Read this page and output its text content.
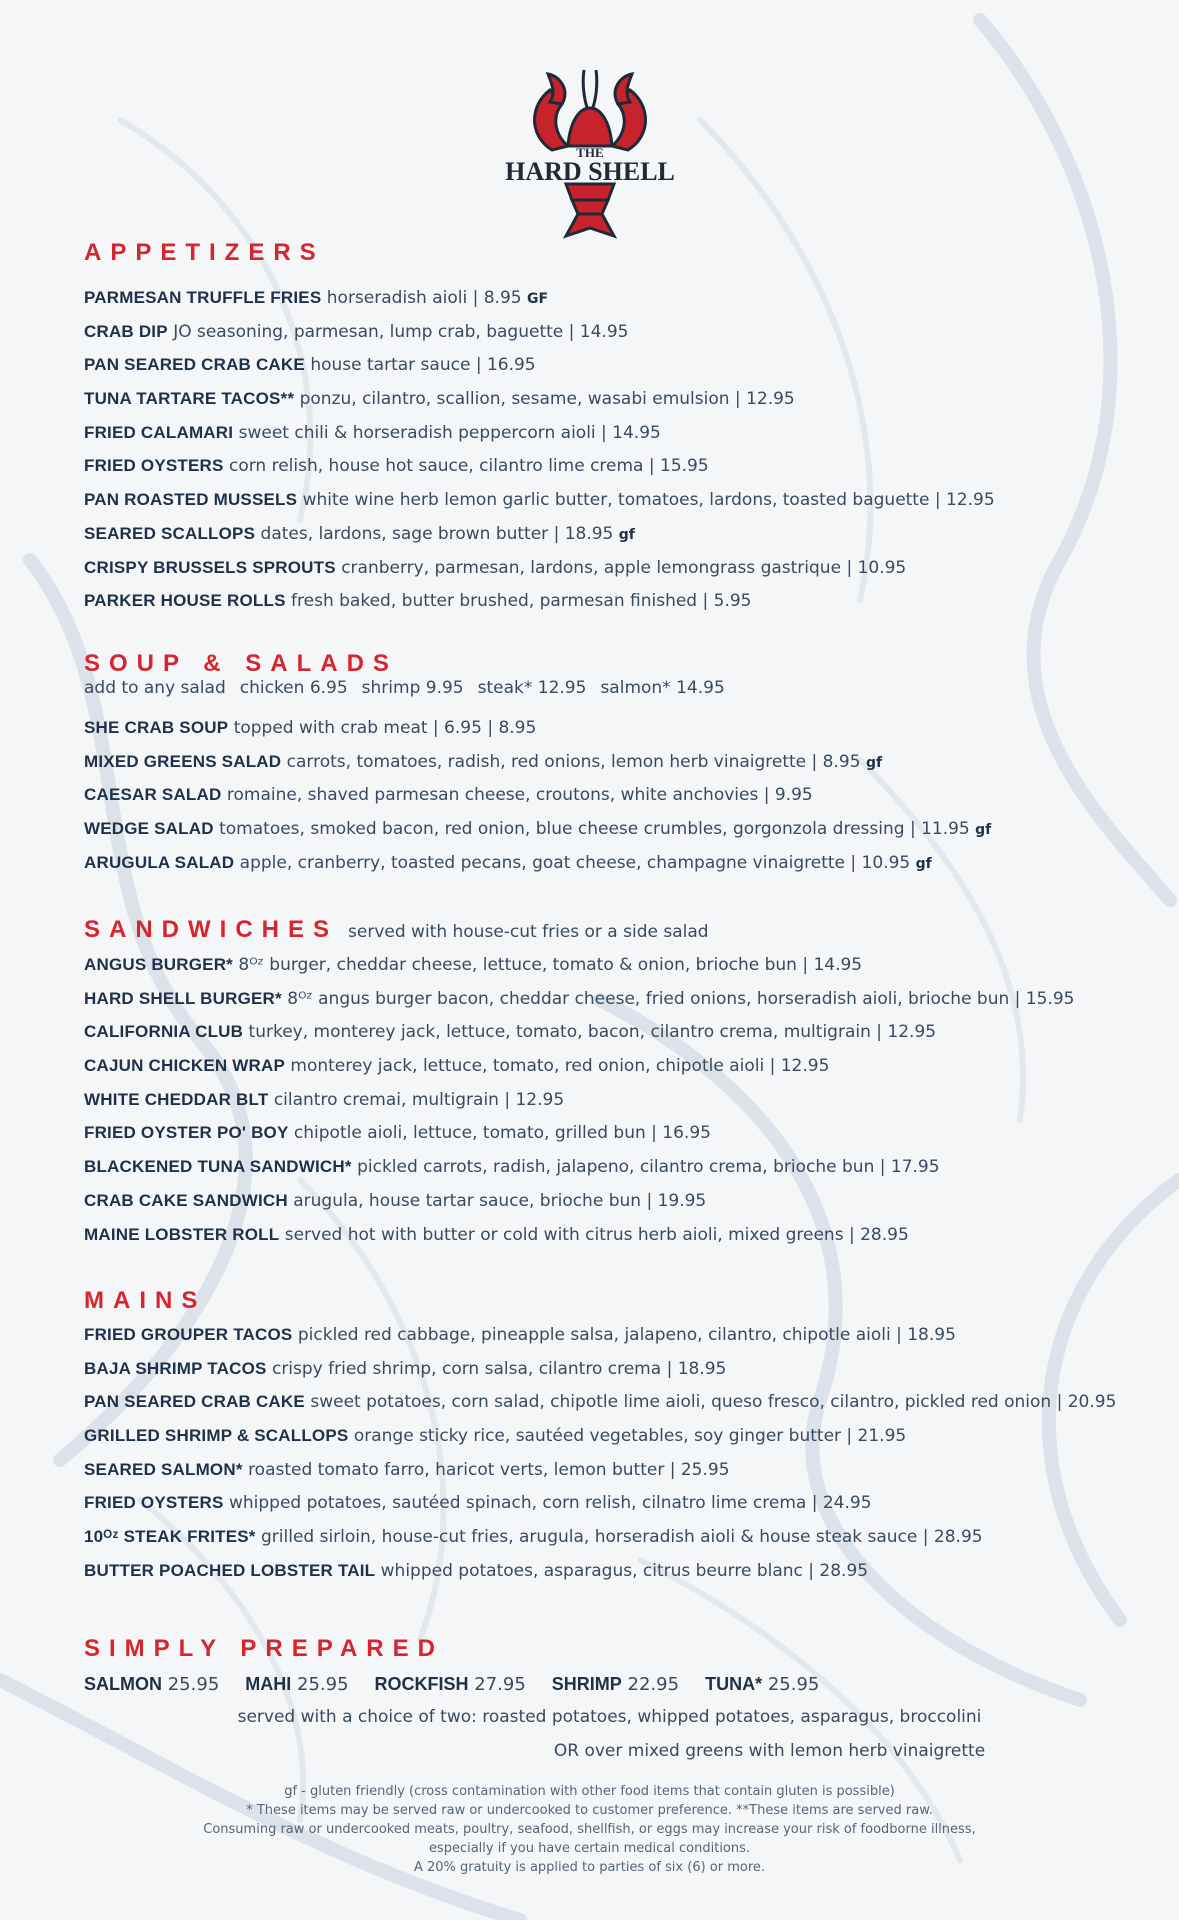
THE
HARD SHELL
APPETIZERS
PARMESAN TRUFFLE FRIES horseradish aioli | 8.95 GF
CRAB DIP JO seasoning, parmesan, lump crab, baguette | 14.95
PAN SEARED CRAB CAKE house tartar sauce | 16.95
TUNA TARTARE TACOS** ponzu, cilantro, scallion, sesame, wasabi emulsion | 12.95
FRIED CALAMARI sweet chili & horseradish peppercorn aioli | 14.95
FRIED OYSTERS corn relish, house hot sauce, cilantro lime crema | 15.95
PAN ROASTED MUSSELS white wine herb lemon garlic butter, tomatoes, lardons, toasted baguette | 12.95
SEARED SCALLOPS dates, lardons, sage brown butter | 18.95 gf
CRISPY BRUSSELS SPROUTS cranberry, parmesan, lardons, apple lemongrass gastrique | 10.95
PARKER HOUSE ROLLS fresh baked, butter brushed, parmesan finished | 5.95
SOUP & SALADS
add to any salad chicken 6.95 shrimp 9.95 steak* 12.95 salmon* 14.95
SHE CRAB SOUP topped with crab meat | 6.95 | 8.95
MIXED GREENS SALAD carrots, tomatoes, radish, red onions, lemon herb vinaigrette | 8.95 gf
CAESAR SALAD romaine, shaved parmesan cheese, croutons, white anchovies | 9.95
WEDGE SALAD tomatoes, smoked bacon, red onion, blue cheese crumbles, gorgonzola dressing | 11.95 gf
ARUGULA SALAD apple, cranberry, toasted pecans, goat cheese, champagne vinaigrette | 10.95 gf
SANDWICHES served with house-cut fries or a side salad
ANGUS BURGER* 8ᴼᶻ burger, cheddar cheese, lettuce, tomato & onion, brioche bun | 14.95
HARD SHELL BURGER* 8ᴼᶻ angus burger bacon, cheddar cheese, fried onions, horseradish aioli, brioche bun | 15.95
CALIFORNIA CLUB turkey, monterey jack, lettuce, tomato, bacon, cilantro crema, multigrain | 12.95
CAJUN CHICKEN WRAP monterey jack, lettuce, tomato, red onion, chipotle aioli | 12.95
WHITE CHEDDAR BLT cilantro cremai, multigrain | 12.95
FRIED OYSTER PO' BOY chipotle aioli, lettuce, tomato, grilled bun | 16.95
BLACKENED TUNA SANDWICH* pickled carrots, radish, jalapeno, cilantro crema, brioche bun | 17.95
CRAB CAKE SANDWICH arugula, house tartar sauce, brioche bun | 19.95
MAINE LOBSTER ROLL served hot with butter or cold with citrus herb aioli, mixed greens | 28.95
MAINS
FRIED GROUPER TACOS pickled red cabbage, pineapple salsa, jalapeno, cilantro, chipotle aioli | 18.95
BAJA SHRIMP TACOS crispy fried shrimp, corn salsa, cilantro crema | 18.95
PAN SEARED CRAB CAKE sweet potatoes, corn salad, chipotle lime aioli, queso fresco, cilantro, pickled red onion | 20.95
GRILLED SHRIMP & SCALLOPS orange sticky rice, sautéed vegetables, soy ginger butter | 21.95
SEARED SALMON* roasted tomato farro, haricot verts, lemon butter | 25.95
FRIED OYSTERS whipped potatoes, sautéed spinach, corn relish, cilnatro lime crema | 24.95
10ᴼᶻ STEAK FRITES* grilled sirloin, house-cut fries, arugula, horseradish aioli & house steak sauce | 28.95
BUTTER POACHED LOBSTER TAIL whipped potatoes, asparagus, citrus beurre blanc | 28.95
SIMPLY PREPARED
SALMON 25.95 MAHI 25.95 ROCKFISH 27.95 SHRIMP 22.95 TUNA* 25.95
served with a choice of two: roasted potatoes, whipped potatoes, asparagus, broccolini
OR over mixed greens with lemon herb vinaigrette
gf - gluten friendly (cross contamination with other food items that contain gluten is possible)
* These items may be served raw or undercooked to customer preference. **These items are served raw.
Consuming raw or undercooked meats, poultry, seafood, shellfish, or eggs may increase your risk of foodborne illness,
especially if you have certain medical conditions.
A 20% gratuity is applied to parties of six (6) or more.
